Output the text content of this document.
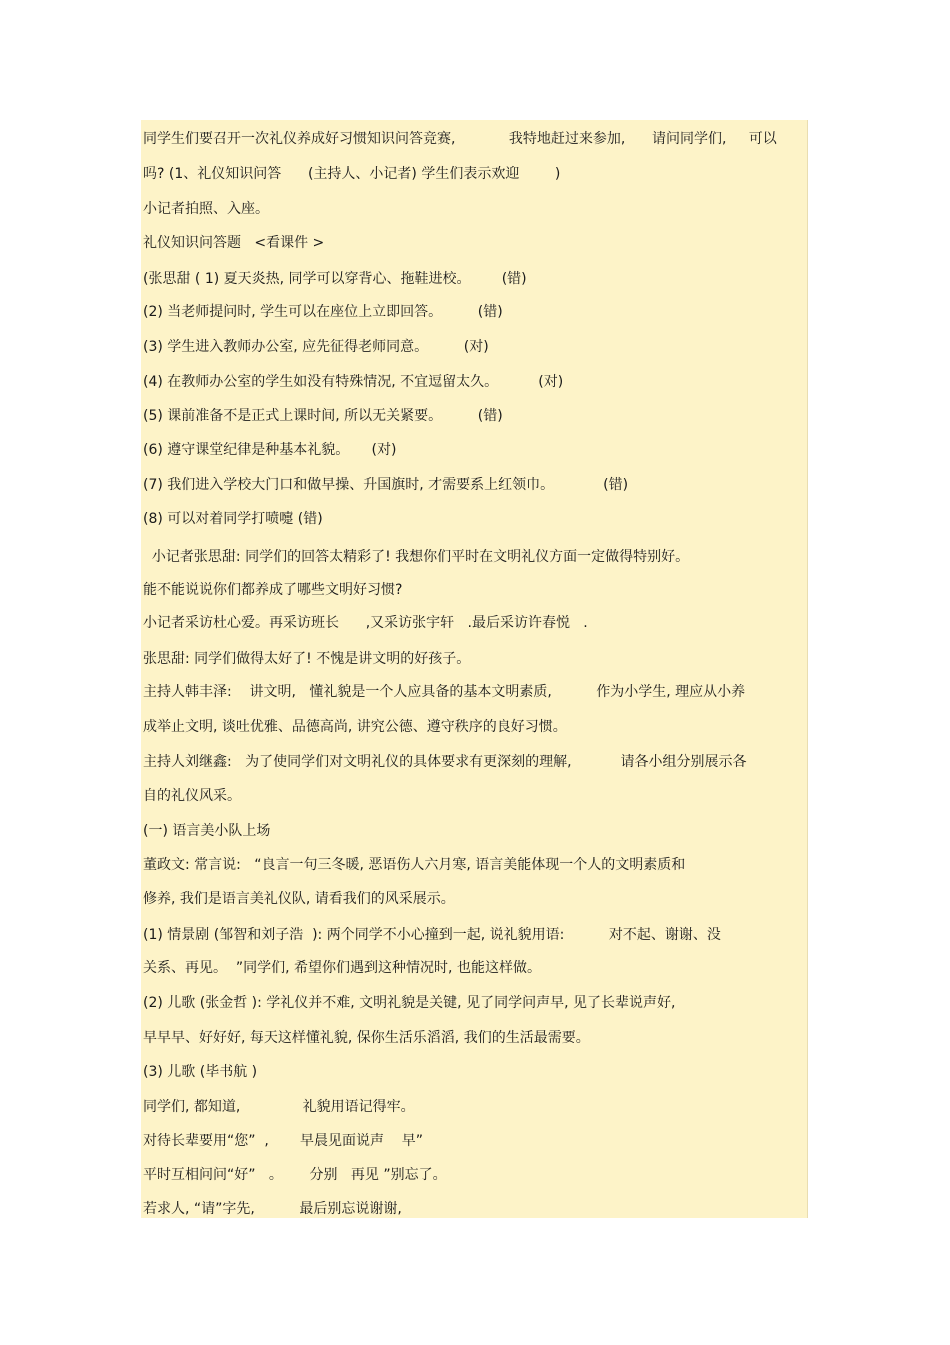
同学生们要召开一次礼仪养成好习惯知识问答竞赛,            我特地赶过来参加,      请问同学们,     可以
吗? (1、礼仪知识问答      (主持人、小记者) 学生们表示欢迎        )
小记者拍照、入座。
礼仪知识问答题   <看课件 >
(张思甜 ( 1) 夏天炎热, 同学可以穿背心、拖鞋进校。       (错)
(2) 当老师提问时, 学生可以在座位上立即回答。        (错)
(3) 学生进入教师办公室, 应先征得老师同意。        (对)
(4) 在教师办公室的学生如没有特殊情况, 不宜逗留太久。         (对)
(5) 课前准备不是正式上课时间, 所以无关紧要。        (错)
(6) 遵守课堂纪律是种基本礼貌。     (对)
(7) 我们进入学校大门口和做早操、升国旗时, 才需要系上红领巾。           (错)
(8) 可以对着同学打喷嚏 (错)
小记者张思甜: 同学们的回答太精彩了! 我想你们平时在文明礼仪方面一定做得特别好。
能不能说说你们都养成了哪些文明好习惯?
小记者采访杜心爱。再采访班长      ,又采访张宇轩   .最后采访许春悦   .
张思甜: 同学们做得太好了! 不愧是讲文明的好孩子。
主持人韩丰泽:    讲文明,   懂礼貌是一个人应具备的基本文明素质,          作为小学生, 理应从小养
成举止文明, 谈吐优雅、品德高尚, 讲究公德、遵守秩序的良好习惯。
主持人刘继鑫:   为了使同学们对文明礼仪的具体要求有更深刻的理解,           请各小组分别展示各
自的礼仪风采。
(一) 语言美小队上场
董政文: 常言说:   “良言一句三冬暖, 恶语伤人六月寒, 语言美能体现一个人的文明素质和
修养, 我们是语言美礼仪队, 请看我们的风采展示。
(1) 情景剧 (邹智和刘子浩  ): 两个同学不小心撞到一起, 说礼貌用语:          对不起、谢谢、没
关系、再见。  ”同学们, 希望你们遇到这种情况时, 也能这样做。
(2) 儿歌 (张金哲 ): 学礼仪并不难, 文明礼貌是关键, 见了同学问声早, 见了长辈说声好,
早早早、好好好, 每天这样懂礼貌, 保你生活乐滔滔, 我们的生活最需要。
(3) 儿歌 (毕书航 )
同学们, 都知道,              礼貌用语记得牢。
对待长辈要用“您”  ,       早晨见面说声    早”
平时互相问问“好”   。      分别   再见 ”别忘了。
若求人, “请”字先,          最后别忘说谢谢,
